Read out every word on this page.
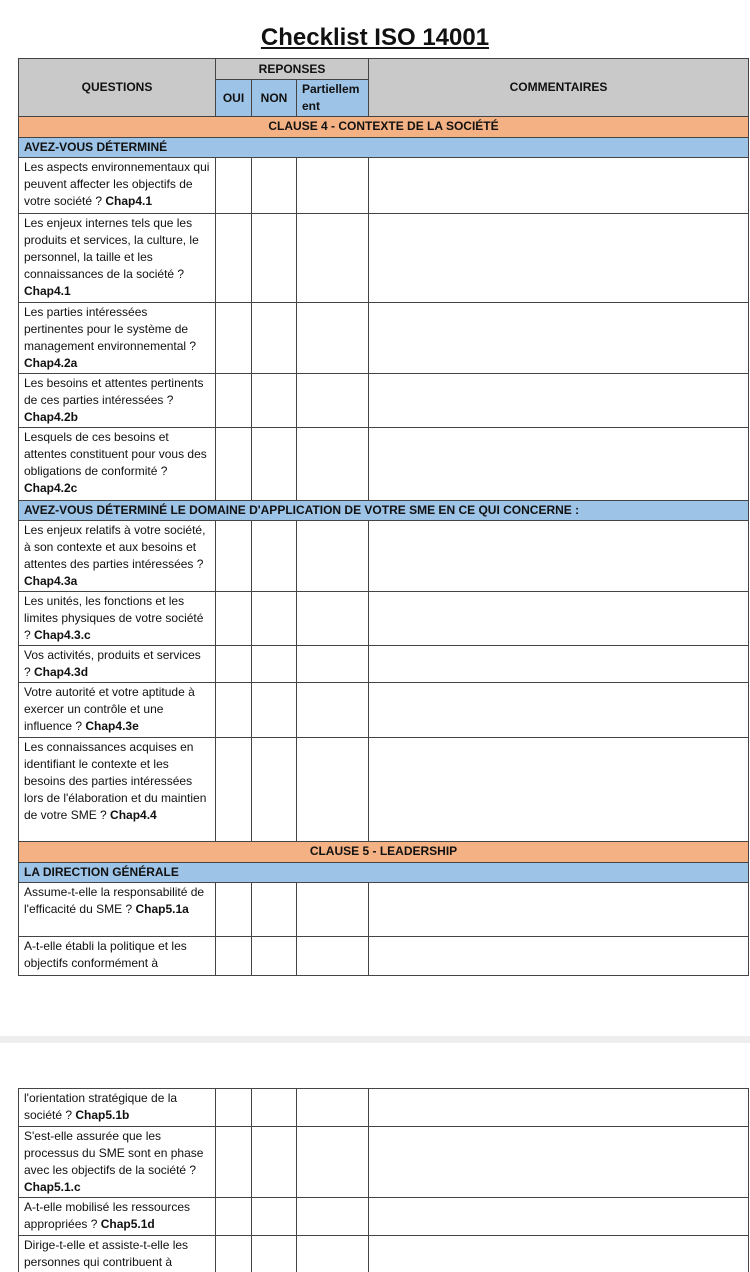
Checklist ISO 14001
QUESTIONS	REPONSES			COMMENTAIRES
	OUI	NON	Partiellement	
CLAUSE 4 - CONTEXTE DE LA SOCIÉTÉ				
AVEZ-VOUS DÉTERMINÉ				
Les aspects environnementaux qui peuvent affecter les objectifs de votre société ? Chap4.1				
Les enjeux internes tels que les produits et services, la culture, le personnel, la taille et les connaissances de la société ? Chap4.1				
Les parties intéressées pertinentes pour le système de management environnemental ? Chap4.2a				
Les besoins et attentes pertinents de ces parties intéressées ? Chap4.2b				
Lesquels de ces besoins et attentes constituent pour vous des obligations de conformité ? Chap4.2c				
AVEZ-VOUS DÉTERMINÉ LE DOMAINE D'APPLICATION DE VOTRE SME EN CE QUI CONCERNE :				
Les enjeux relatifs à votre société, à son contexte et aux besoins et attentes des parties intéressées ? Chap4.3a				
Les unités, les fonctions et les limites physiques de votre société ? Chap4.3.c				
Vos activités, produits et services ? Chap4.3d				
Votre autorité et votre aptitude à exercer un contrôle et une influence ? Chap4.3e				
Les connaissances acquises en identifiant le contexte et les besoins des parties intéressées lors de l'élaboration et du maintien de votre SME ? Chap4.4				
CLAUSE 5 - LEADERSHIP				
LA DIRECTION GÉNÉRALE				
Assume-t-elle la responsabilité de l'efficacité du SME ? Chap5.1a				
A-t-elle établi la politique et les objectifs conformément à				
l'orientation stratégique de la société ? Chap5.1b				
S'est-elle assurée que les processus du SME sont en phase avec les objectifs de la société ? Chap5.1.c				
A-t-elle mobilisé les ressources appropriées ? Chap5.1d				
Dirige-t-elle et assiste-t-elle les personnes qui contribuent à				
